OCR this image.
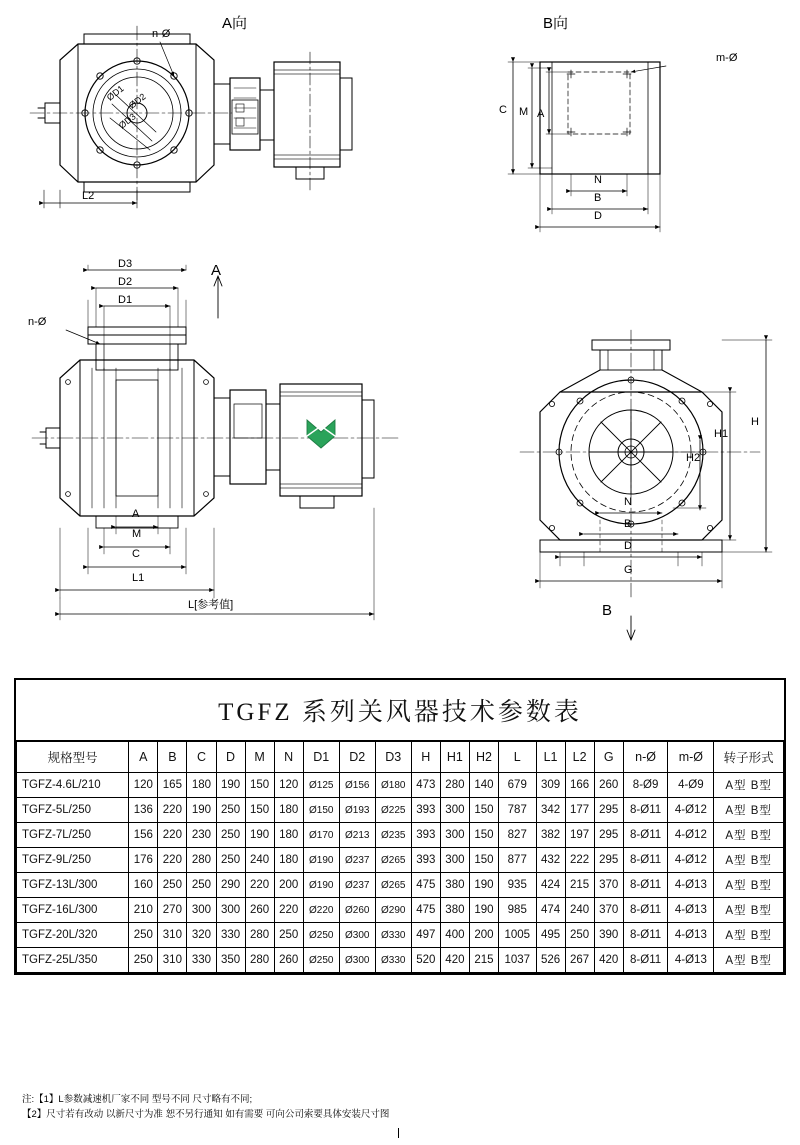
A向	B向
n-Ø
m-Ø
ØD1 ØD2
ØD3
L2
C M A
N
B
D
D3
D2
D1
n-Ø
A
A
M
C
L1
L[参考值]
H
H1
H2
N
B
D
G
B
TGFZ 系列关风器技术参数表
规格型号	A	B	C	D	M	N	D1	D2	D3	H	H1	H2	L	L1	L2	G	n-Ø	m-Ø	转子形式
TGFZ-4.6L/210	120	165	180	190	150	120	Ø125	Ø156	Ø180	473	280	140	679	309	166	260	8-Ø9	4-Ø9	A型 B型
TGFZ-5L/250	136	220	190	250	150	180	Ø150	Ø193	Ø225	393	300	150	787	342	177	295	8-Ø11	4-Ø12	A型 B型
TGFZ-7L/250	156	220	230	250	190	180	Ø170	Ø213	Ø235	393	300	150	827	382	197	295	8-Ø11	4-Ø12	A型 B型
TGFZ-9L/250	176	220	280	250	240	180	Ø190	Ø237	Ø265	393	300	150	877	432	222	295	8-Ø11	4-Ø12	A型 B型
TGFZ-13L/300	160	250	250	290	220	200	Ø190	Ø237	Ø265	475	380	190	935	424	215	370	8-Ø11	4-Ø13	A型 B型
TGFZ-16L/300	210	270	300	300	260	220	Ø220	Ø260	Ø290	475	380	190	985	474	240	370	8-Ø11	4-Ø13	A型 B型
TGFZ-20L/320	250	310	320	330	280	250	Ø250	Ø300	Ø330	497	400	200	1005	495	250	390	8-Ø11	4-Ø13	A型 B型
TGFZ-25L/350	250	310	330	350	280	260	Ø250	Ø300	Ø330	520	420	215	1037	526	267	420	8-Ø11	4-Ø13	A型 B型
注:【1】L参数减速机厂家不同 型号不同 尺寸略有不同;
【2】尺寸若有改动 以新尺寸为准 恕不另行通知 如有需要 可向公司索要具体安装尺寸图
